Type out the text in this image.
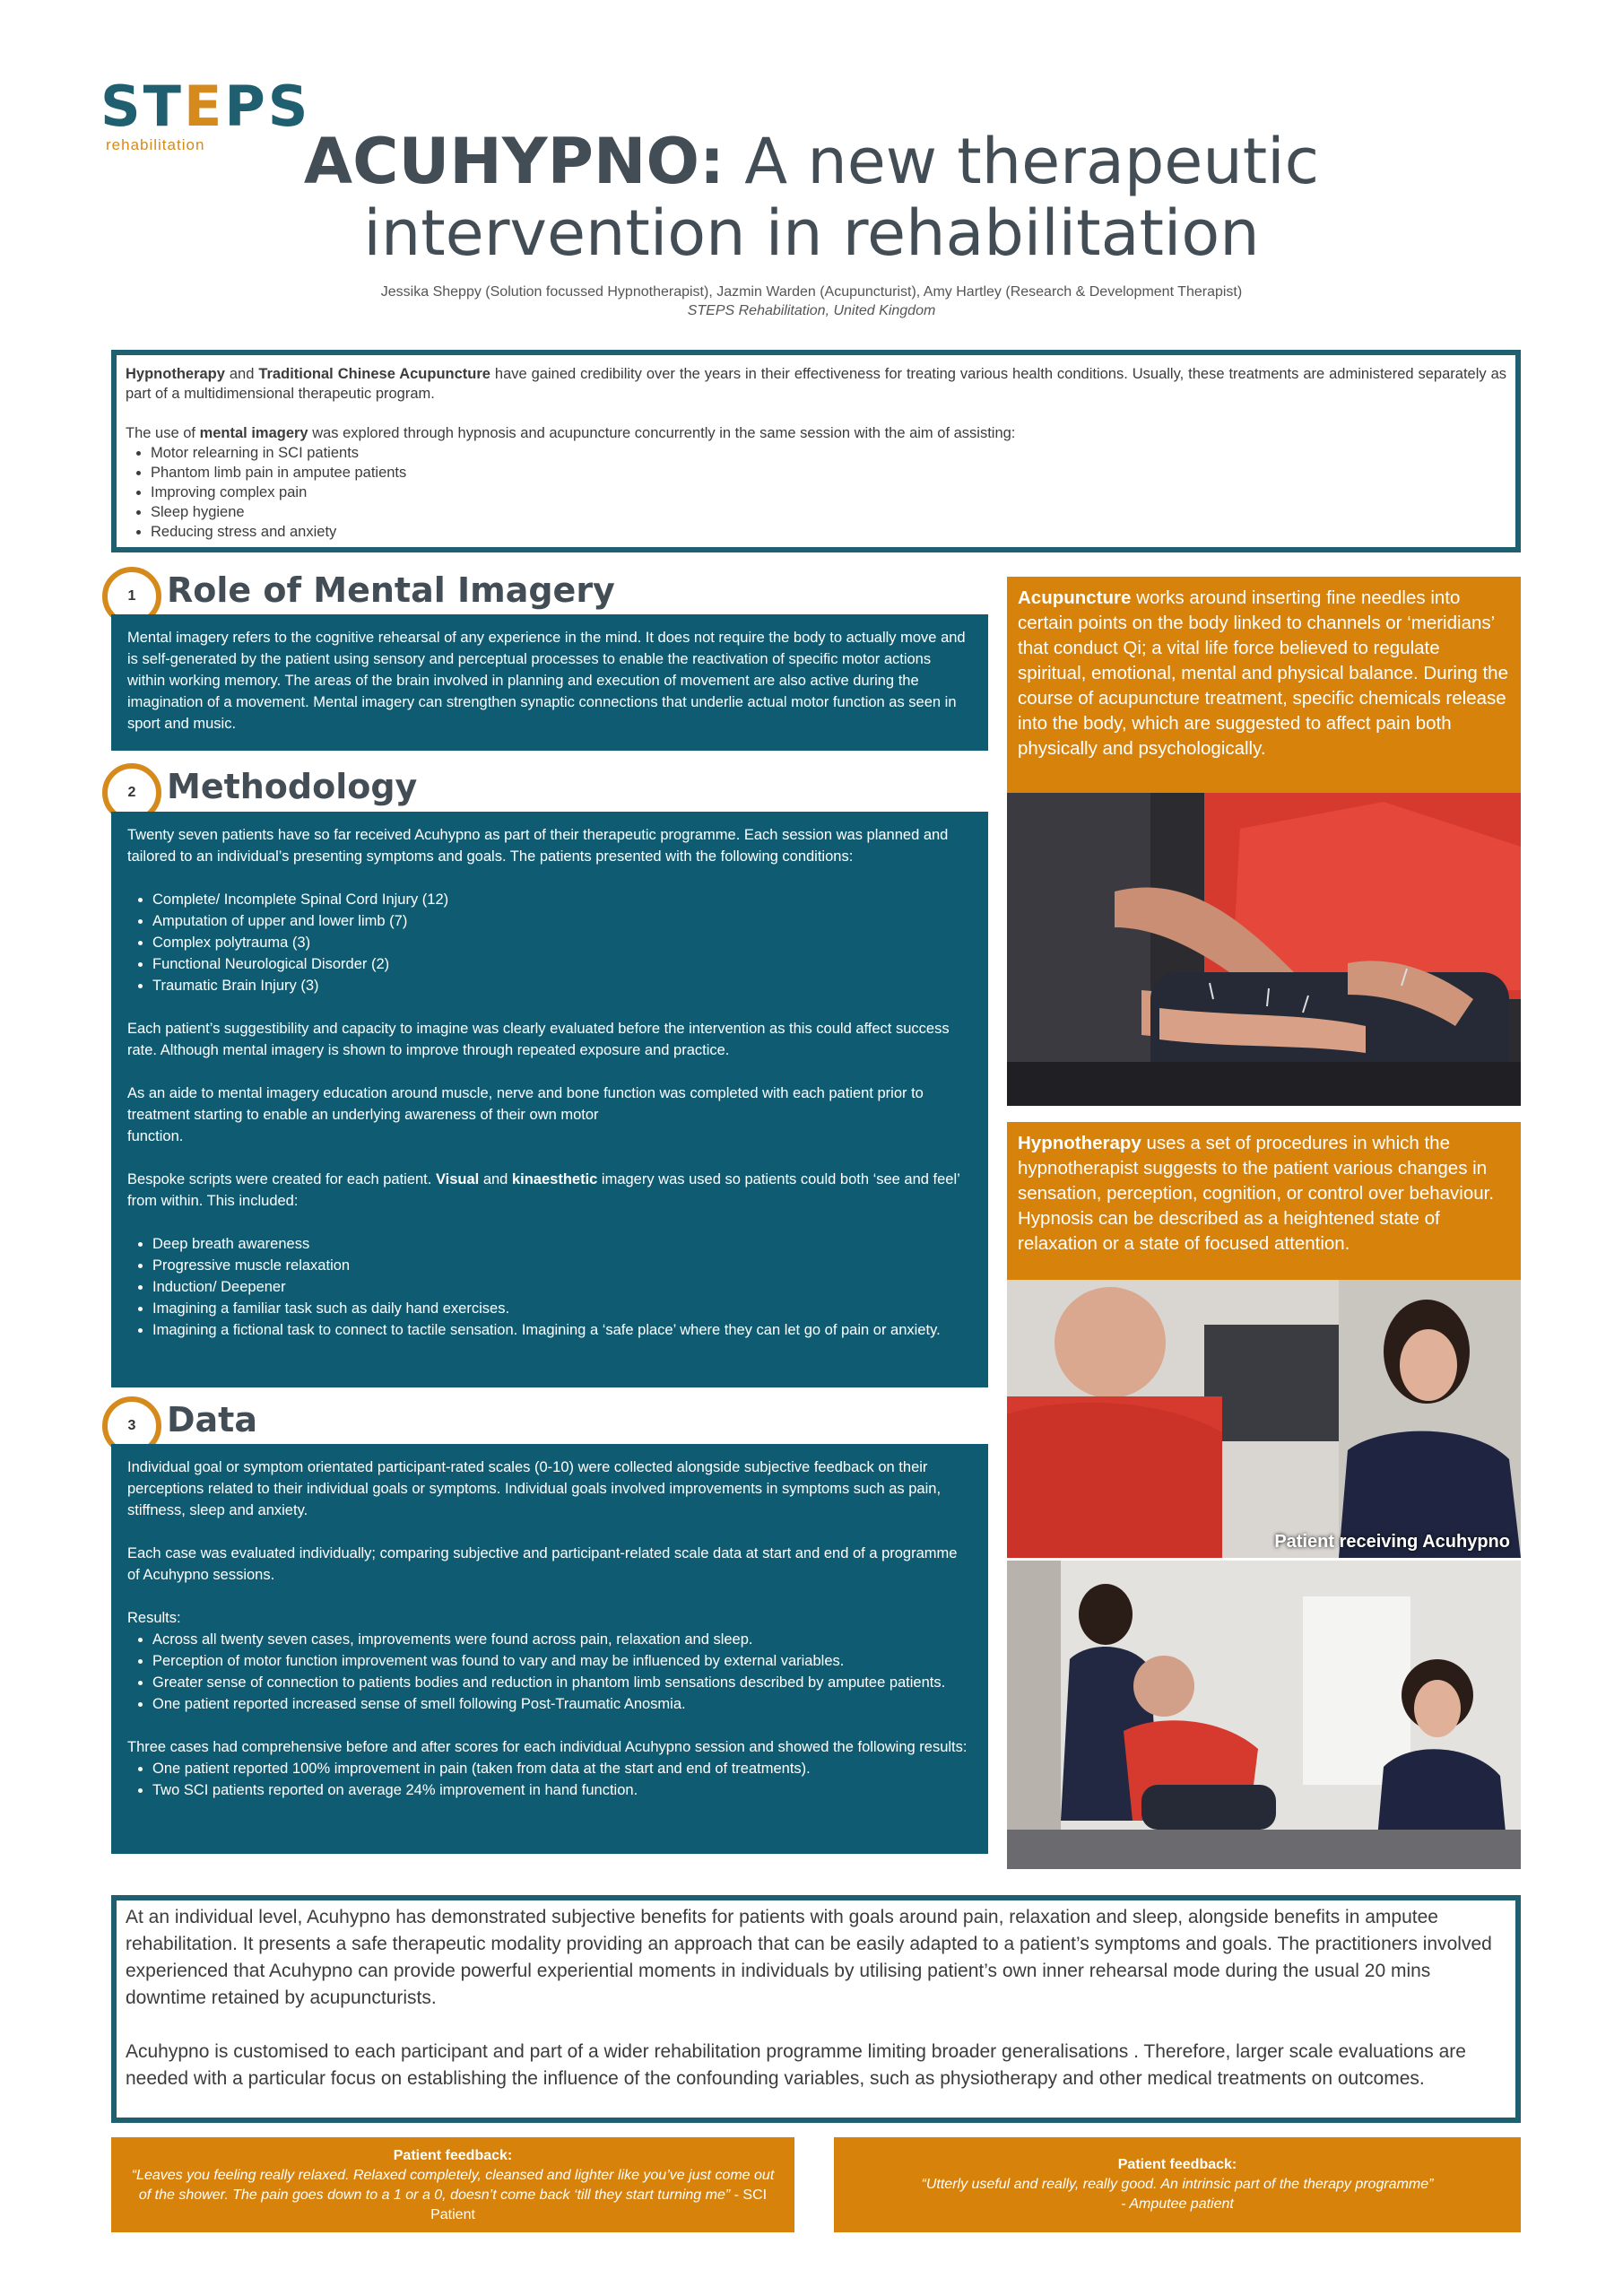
STEPS
rehabilitation	ACUHYPNO: A new therapeutic intervention in rehabilitation
Jessika Sheppy (Solution focussed Hypnotherapist), Jazmin Warden (Acupuncturist), Amy Hartley (Research & Development Therapist)
STEPS Rehabilitation, United Kingdom

Hypnotherapy and Traditional Chinese Acupuncture have gained credibility over the years in their effectiveness for treating various health conditions. Usually, these treatments are administered separately as part of a multidimensional therapeutic program.

The use of mental imagery was explored through hypnosis and acupuncture concurrently in the same session with the aim of assisting:

• Motor relearning in SCI patients
• Phantom limb pain in amputee patients
• Improving complex pain
• Sleep hygiene
• Reducing stress and anxiety
1 Role of Mental Imagery

Mental imagery refers to the cognitive rehearsal of any experience in the mind. It does not require the body to actually move and is self-generated by the patient using sensory and perceptual processes to enable the reactivation of specific motor actions within working memory. The areas of the brain involved in planning and execution of movement are also active during the imagination of a movement. Mental imagery can strengthen synaptic connections that underlie actual motor function as seen in sport and music.

2 Methodology

Twenty seven patients have so far received Acuhypno as part of their therapeutic programme. Each session was planned and tailored to an individual’s presenting symptoms and goals. The patients presented with the following conditions:

• Complete/ Incomplete Spinal Cord Injury (12)
• Amputation of upper and lower limb (7)
• Complex polytrauma (3)
• Functional Neurological Disorder (2)
• Traumatic Brain Injury (3)

Each patient’s suggestibility and capacity to imagine was clearly evaluated before the intervention as this could affect success rate. Although mental imagery is shown to improve through repeated exposure and practice.

As an aide to mental imagery education around muscle, nerve and bone function was completed with each patient prior to treatment starting to enable an underlying awareness of their own motor
function.

Bespoke scripts were created for each patient. Visual and kinaesthetic imagery was used so patients could both ‘see and feel’ from within. This included:

• Deep breath awareness
• Progressive muscle relaxation
• Induction/ Deepener
• Imagining a familiar task such as daily hand exercises.
• Imagining a fictional task to connect to tactile sensation. Imagining a ‘safe place’ where they can let go of pain or anxiety.
3 Data

Individual goal or symptom orientated participant-rated scales (0-10) were collected alongside subjective feedback on their perceptions related to their individual goals or symptoms. Individual goals involved improvements in symptoms such as pain, stiffness, sleep and anxiety.

Each case was evaluated individually; comparing subjective and participant-related scale data at start and end of a programme of Acuhypno sessions.

Results:

• Across all twenty seven cases, improvements were found across pain, relaxation and sleep.
• Perception of motor function improvement was found to vary and may be influenced by external variables.
• Greater sense of connection to patients bodies and reduction in phantom limb sensations described by amputee patients.
• One patient reported increased sense of smell following Post-Traumatic Anosmia.

Three cases had comprehensive before and after scores for each individual Acuhypno session and showed the following results:

• One patient reported 100% improvement in pain (taken from data at the start and end of treatments).
• Two SCI patients reported on average 24% improvement in hand function.
Acupuncture works around inserting fine needles into certain points on the body linked to channels or ‘meridians’ that conduct Qi; a vital life force believed to regulate spiritual, emotional, mental and physical balance. During the course of acupuncture treatment, specific chemicals release into the body, which are suggested to affect pain both physically and psychologically.
Hypnotherapy uses a set of procedures in which the hypnotherapist suggests to the patient various changes in sensation, perception, cognition, or control over behaviour.
Hypnosis can be described as a heightened state of relaxation or a state of focused attention.
Patient receiving Acuhypno

At an individual level, Acuhypno has demonstrated subjective benefits for patients with goals around pain, relaxation and sleep, alongside benefits in amputee rehabilitation. It presents a safe therapeutic modality providing an approach that can be easily adapted to a patient’s symptoms and goals. The practitioners involved experienced that Acuhypno can provide powerful experiential moments in individuals by utilising patient’s own inner rehearsal mode during the usual 20 mins downtime retained by acupuncturists.

Acuhypno is customised to each participant and part of a wider rehabilitation programme limiting broader generalisations . Therefore, larger scale evaluations are needed with a particular focus on establishing the influence of the confounding variables, such as physiotherapy and other medical treatments on outcomes.

Patient feedback:
“Leaves you feeling really relaxed. Relaxed completely, cleansed and lighter like you’ve just come out of the shower. The pain goes down to a 1 or a 0, doesn’t come back ‘till they start turning me” - SCI Patient
Patient feedback:
“Utterly useful and really, really good. An intrinsic part of the therapy programme”
- Amputee patient
